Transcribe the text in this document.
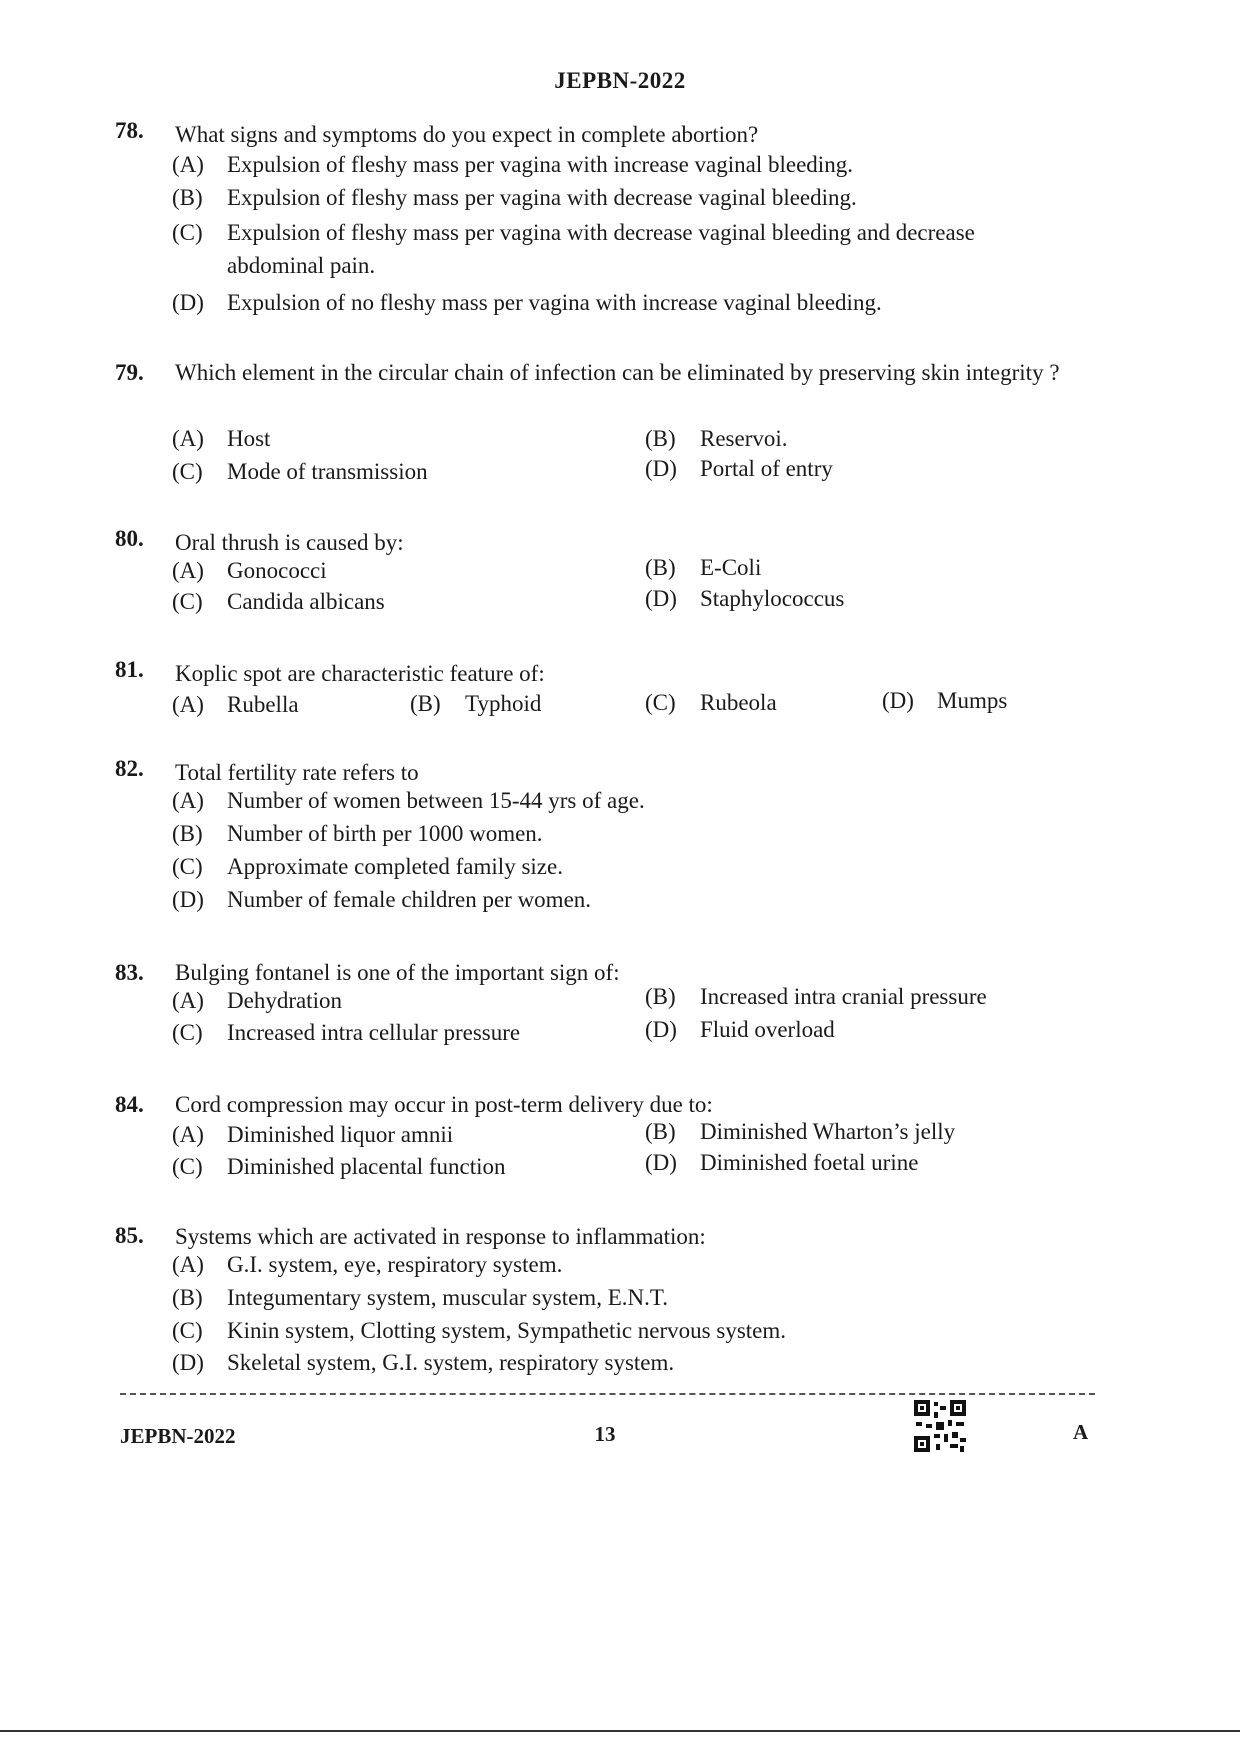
JEPBN-2022
78. What signs and symptoms do you expect in complete abortion?
(A) Expulsion of fleshy mass per vagina with increase vaginal bleeding.
(B) Expulsion of fleshy mass per vagina with decrease vaginal bleeding.
(C) Expulsion of fleshy mass per vagina with decrease vaginal bleeding and decrease abdominal pain.
(D) Expulsion of no fleshy mass per vagina with increase vaginal bleeding.
79. Which element in the circular chain of infection can be eliminated by preserving skin integrity ?
(A) Host	(B) Reservoi.
(C) Mode of transmission	(D) Portal of entry
80. Oral thrush is caused by:
(A) Gonococci	(B) E-Coli
(C) Candida albicans	(D) Staphylococcus
81. Koplic spot are characteristic feature of:
(A) Rubella	(B) Typhoid	(C) Rubeola	(D) Mumps
82. Total fertility rate refers to
(A) Number of women between 15-44 yrs of age.
(B) Number of birth per 1000 women.
(C) Approximate completed family size.
(D) Number of female children per women.
83. Bulging fontanel is one of the important sign of:
(A) Dehydration	(B) Increased intra cranial pressure
(C) Increased intra cellular pressure	(D) Fluid overload
84. Cord compression may occur in post-term delivery due to:
(A) Diminished liquor amnii	(B) Diminished Wharton’s jelly
(C) Diminished placental function	(D) Diminished foetal urine
85. Systems which are activated in response to inflammation:
(A) G.I. system, eye, respiratory system.
(B) Integumentary system, muscular system, E.N.T.
(C) Kinin system, Clotting system, Sympathetic nervous system.
(D) Skeletal system, G.I. system, respiratory system.
JEPBN-2022	13	A
